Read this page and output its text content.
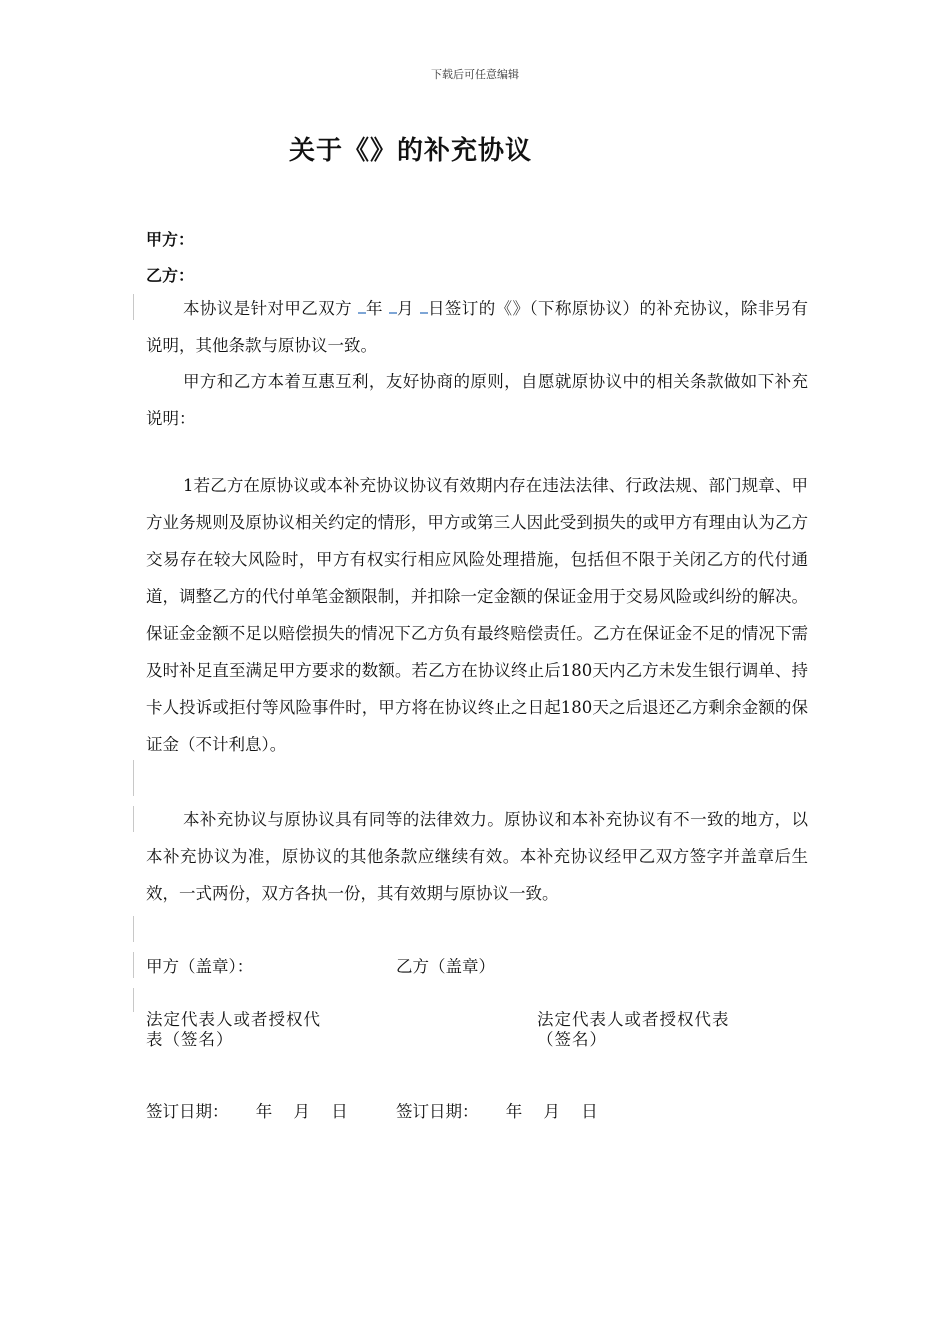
下载后可任意编辑
关于《》的补充协议
甲方：
乙方：
本协议是针对甲乙双方 年 月 日签订的《》（下称原协议）的补充协议，除非另有说明，其他条款与原协议一致。
甲方和乙方本着互惠互利，友好协商的原则，自愿就原协议中的相关条款做如下补充说明：
1若乙方在原协议或本补充协议协议有效期内存在违法法律、行政法规、部门规章、甲方业务规则及原协议相关约定的情形，甲方或第三人因此受到损失的或甲方有理由认为乙方交易存在较大风险时，甲方有权实行相应风险处理措施，包括但不限于关闭乙方的代付通道，调整乙方的代付单笔金额限制，并扣除一定金额的保证金用于交易风险或纠纷的解决。保证金金额不足以赔偿损失的情况下乙方负有最终赔偿责任。乙方在保证金不足的情况下需及时补足直至满足甲方要求的数额。若乙方在协议终止后180天内乙方未发生银行调单、持卡人投诉或拒付等风险事件时，甲方将在协议终止之日起180天之后退还乙方剩余金额的保证金（不计利息）。
本补充协议与原协议具有同等的法律效力。原协议和本补充协议有不一致的地方，以本补充协议为准，原协议的其他条款应继续有效。本补充协议经甲乙双方签字并盖章后生效，一式两份，双方各执一份，其有效期与原协议一致。
甲方（盖章）：	乙方（盖章）
法定代表人或者授权代表（签名）
法定代表人或者授权代表（签名）
签订日期： 年 月 日	签订日期： 年 月 日
